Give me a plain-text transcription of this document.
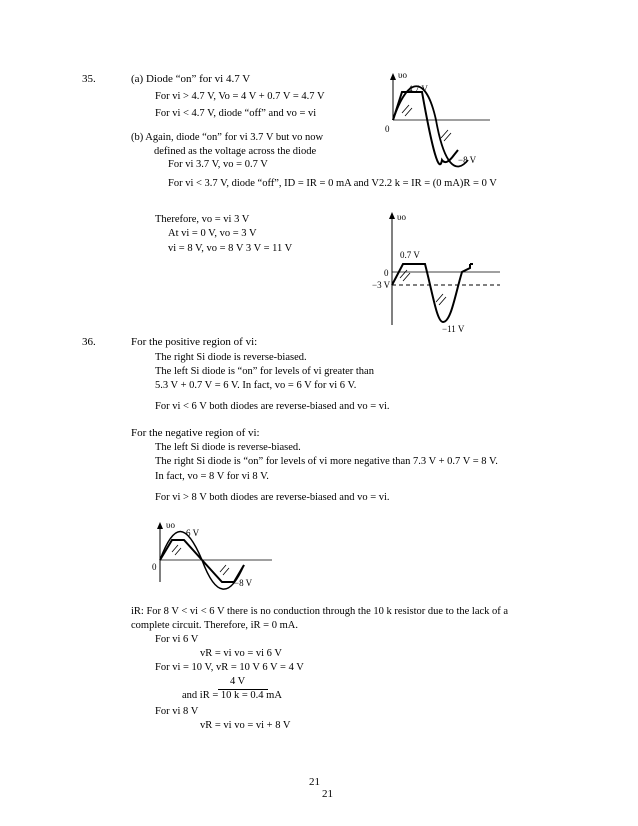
35.	(a) Diode “on” for vi 4.7 V
For vi > 4.7 V, Vo = 4 V + 0.7 V = 4.7 V
For vi < 4.7 V, diode “off” and vo = vi
(b) Again, diode “on” for vi 3.7 V but vo now
defined as the voltage across the diode
For vi 3.7 V, vo = 0.7 V
For vi < 3.7 V, diode “off”, ID = IR = 0 mA and V2.2 k = IR = (0 mA)R = 0 V
Therefore, vo = vi 3 V
At vi = 0 V, vo = 3 V
vi = 8 V, vo = 8 V 3 V = 11 V
υo
4.7 V
0
−8 V
υo
0.7 V
0
−3 V
−11 V
36.	For the positive region of vi:
The right Si diode is reverse-biased.
The left Si diode is “on” for levels of vi greater than
5.3 V + 0.7 V = 6 V. In fact, vo = 6 V for vi 6 V.
For vi < 6 V both diodes are reverse-biased and vo = vi.
For the negative region of vi:
The left Si diode is reverse-biased.
The right Si diode is “on” for levels of vi more negative than 7.3 V + 0.7 V = 8 V.
In fact, vo = 8 V for vi 8 V.
For vi > 8 V both diodes are reverse-biased and vo = vi.
υo
6 V
0
−8 V
iR: For 8 V < vi < 6 V there is no conduction through the 10 k resistor due to the lack of a
complete circuit. Therefore, iR = 0 mA.
For vi 6 V
vR = vi vo = vi 6 V
For vi = 10 V, vR = 10 V 6 V = 4 V
4 V
and iR = 10 k = 0.4 mA
For vi 8 V
vR = vi vo = vi + 8 V
21
21
